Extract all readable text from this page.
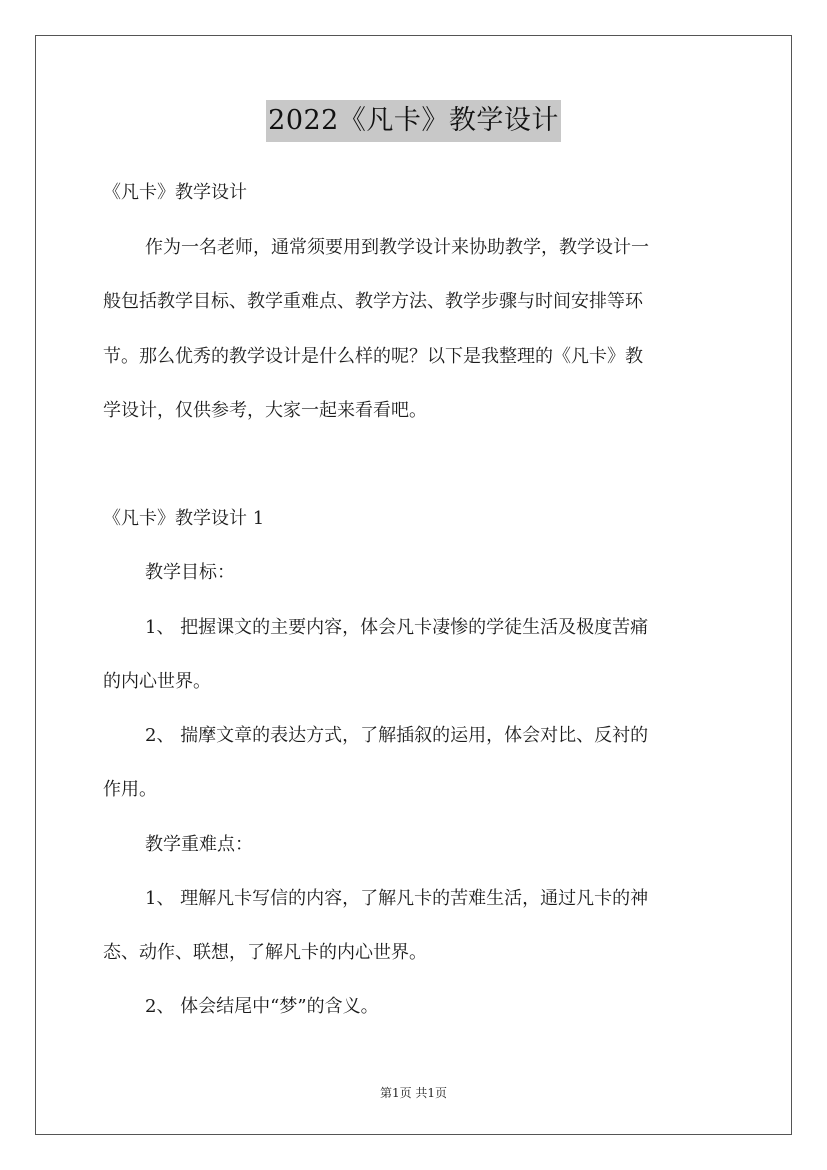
2022《凡卡》教学设计
《凡卡》教学设计
作为一名老师，通常须要用到教学设计来协助教学，教学设计一
般包括教学目标、教学重难点、教学方法、教学步骤与时间安排等环
节。那么优秀的教学设计是什么样的呢？以下是我整理的《凡卡》教
学设计，仅供参考，大家一起来看看吧。
《凡卡》教学设计 1
教学目标：
1、 把握课文的主要内容，体会凡卡凄惨的学徒生活及极度苦痛
的内心世界。
2、 揣摩文章的表达方式，了解插叙的运用，体会对比、反衬的
作用。
教学重难点：
1、 理解凡卡写信的内容，了解凡卡的苦难生活，通过凡卡的神
态、动作、联想，了解凡卡的内心世界。
2、 体会结尾中“梦”的含义。
第1页 共1页
